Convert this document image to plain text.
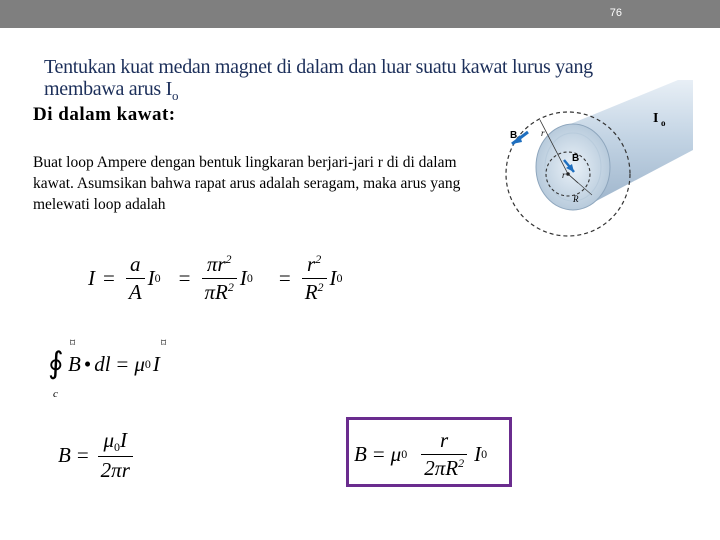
76
Tentukan kuat medan magnet di dalam dan luar suatu kawat lurus yang membawa arus $I_o$
Di dalam kawat:
Buat loop Ampere dengan bentuk lingkaran berjari-jari r di di dalam kawat. Asumsikan bahwa rapat arus adalah seragam, maka arus yang melewati loop adalah
I o
B	r
B
r
R
$I = \frac{a}{A}$ I $0 = \frac{\pi r^2}{\pi R^2}$ I $0 = \frac{r^2}{R^2}$ I 0
∮
c
⌑	⌑
B • dl = μ 0 I
$B = \frac{\mu 0I}{2\pi r}$	B = μ $0 \frac{r}{2\pi R^2}$ I 0
